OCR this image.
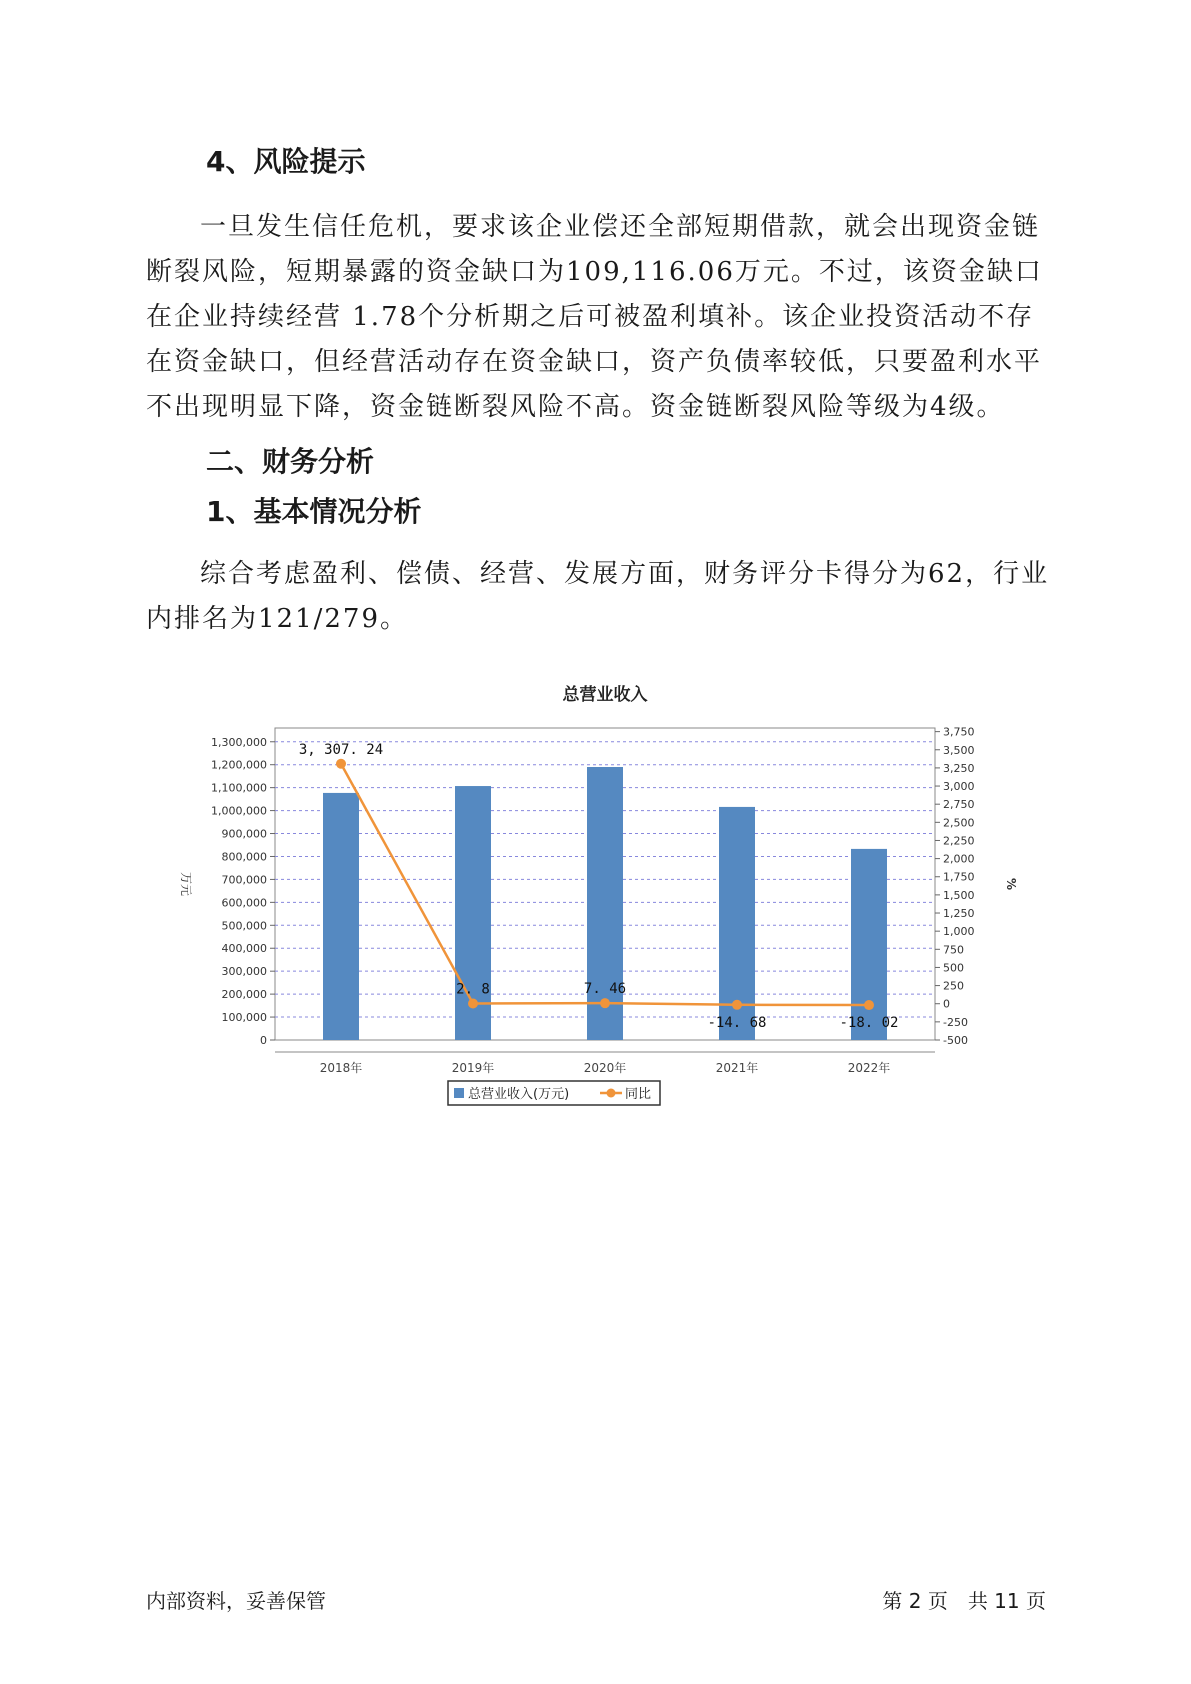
4、风险提示

一旦发生信任危机，要求该企业偿还全部短期借款，就会出现资金链断裂风险，短期暴露的资金缺口为109,116.06万元。不过，该资金缺口在企业持续经营 1.78个分析期之后可被盈利填补。该企业投资活动不存在资金缺口，但经营活动存在资金缺口，资产负债率较低，只要盈利水平不出现明显下降，资金链断裂风险不高。资金链断裂风险等级为4级。

二、财务分析
1、基本情况分析

综合考虑盈利、偿债、经营、发展方面，财务评分卡得分为62，行业内排名为121/279。

总营业收入
0
100,000
200,000
300,000
400,000
500,000
600,000
700,000
800,000
900,000
1,000,000
1,100,000
1,200,000
1,300,000
-500
-250
0
250
500
750
1,000
1,250
1,500
1,750
2,000
2,250
2,500
2,750
3,000
3,250
3,500
3,750
万元	%
2018年	2019年	2020年	2021年	2022年
3, 307. 24
2. 8	7. 46
-14. 68	-18. 02
总营业收入(万元)	同比
内部资料，妥善保管	第 2 页　共 11 页
